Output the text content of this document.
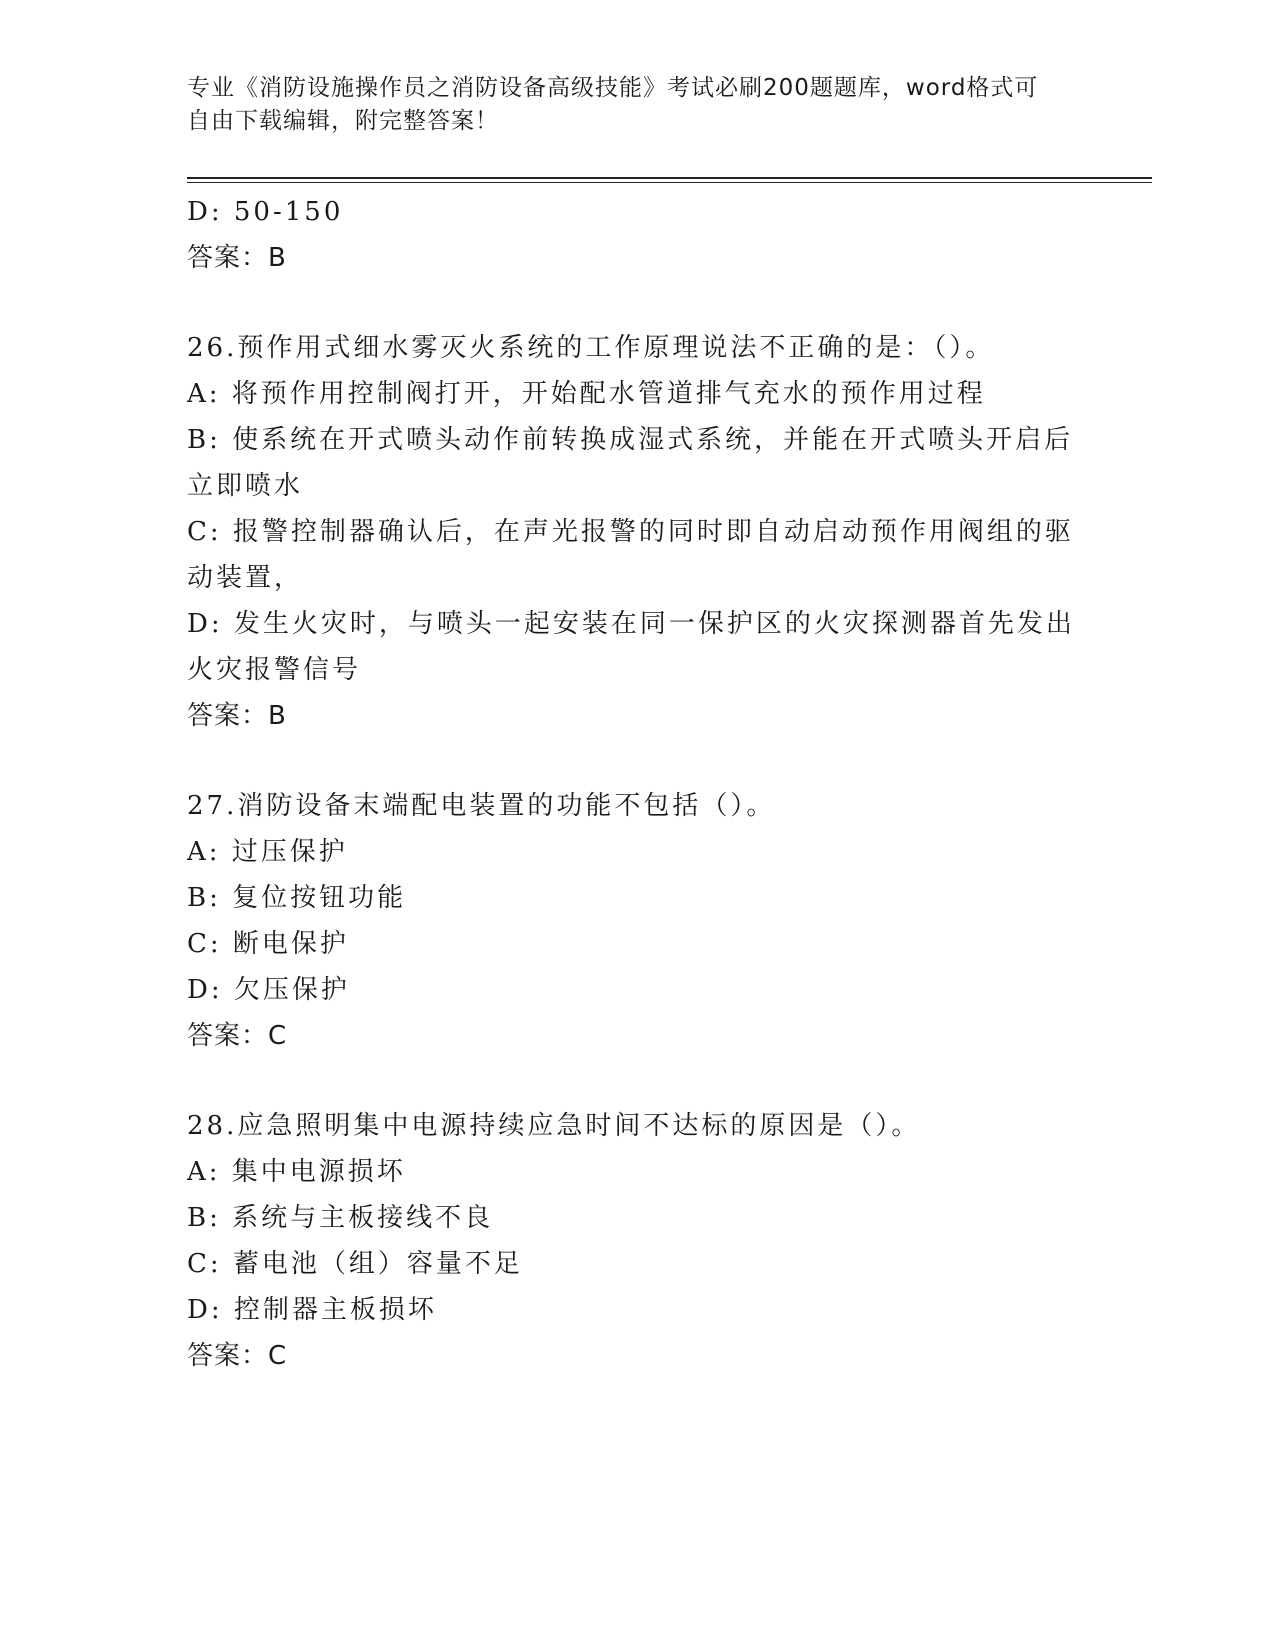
专业《消防设施操作员之消防设备高级技能》考试必刷200题题库，word格式可
自由下载编辑，附完整答案！
D: 50-150
答案：B
26.预作用式细水雾灭火系统的工作原理说法不正确的是：（）。
A: 将预作用控制阀打开，开始配水管道排气充水的预作用过程
B: 使系统在开式喷头动作前转换成湿式系统，并能在开式喷头开启后
立即喷水
C: 报警控制器确认后，在声光报警的同时即自动启动预作用阀组的驱
动装置，
D: 发生火灾时，与喷头一起安装在同一保护区的火灾探测器首先发出
火灾报警信号
答案：B
27.消防设备末端配电装置的功能不包括（）。
A: 过压保护
B: 复位按钮功能
C: 断电保护
D: 欠压保护
答案：C
28.应急照明集中电源持续应急时间不达标的原因是（）。
A: 集中电源损坏
B: 系统与主板接线不良
C: 蓄电池（组）容量不足
D: 控制器主板损坏
答案：C
